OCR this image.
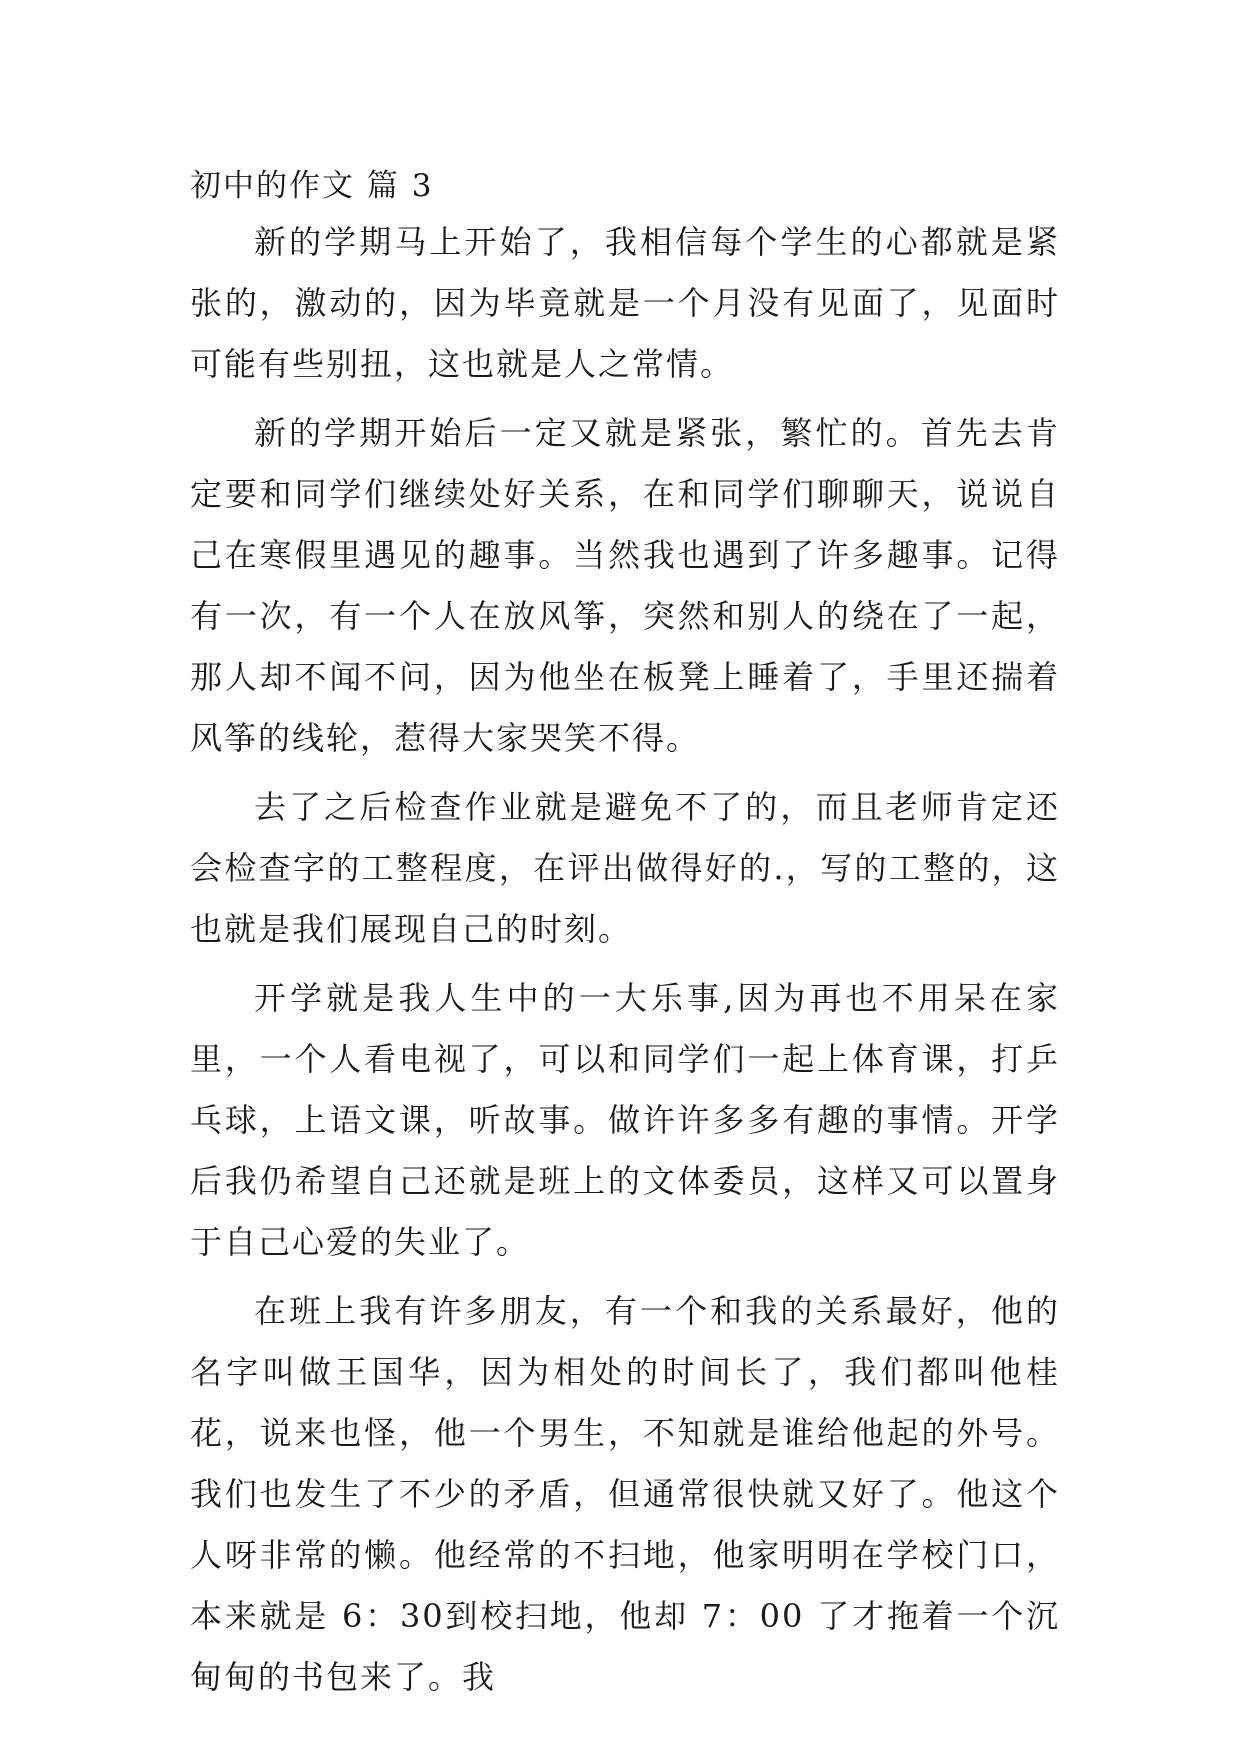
初中的作文 篇 3

新的学期马上开始了，我相信每个学生的心都就是紧张的，激动的，因为毕竟就是一个月没有见面了，见面时可能有些别扭，这也就是人之常情。

新的学期开始后一定又就是紧张，繁忙的。首先去肯定要和同学们继续处好关系，在和同学们聊聊天，说说自己在寒假里遇见的趣事。当然我也遇到了许多趣事。记得有一次，有一个人在放风筝，突然和别人的绕在了一起，那人却不闻不问，因为他坐在板凳上睡着了，手里还揣着风筝的线轮，惹得大家哭笑不得。

去了之后检查作业就是避免不了的，而且老师肯定还会检查字的工整程度，在评出做得好的.，写的工整的，这也就是我们展现自己的时刻。

开学就是我人生中的一大乐事,因为再也不用呆在家里，一个人看电视了，可以和同学们一起上体育课，打乒乓球，上语文课，听故事。做许许多多有趣的事情。开学后我仍希望自己还就是班上的文体委员，这样又可以置身于自己心爱的失业了。

在班上我有许多朋友，有一个和我的关系最好，他的名字叫做王国华，因为相处的时间长了，我们都叫他桂花，说来也怪，他一个男生，不知就是谁给他起的外号。我们也发生了不少的矛盾，但通常很快就又好了。他这个人呀非常的懒。他经常的不扫地，他家明明在学校门口，本来就是 6：30到校扫地，他却 7：00 了才拖着一个沉甸甸的书包来了。我
